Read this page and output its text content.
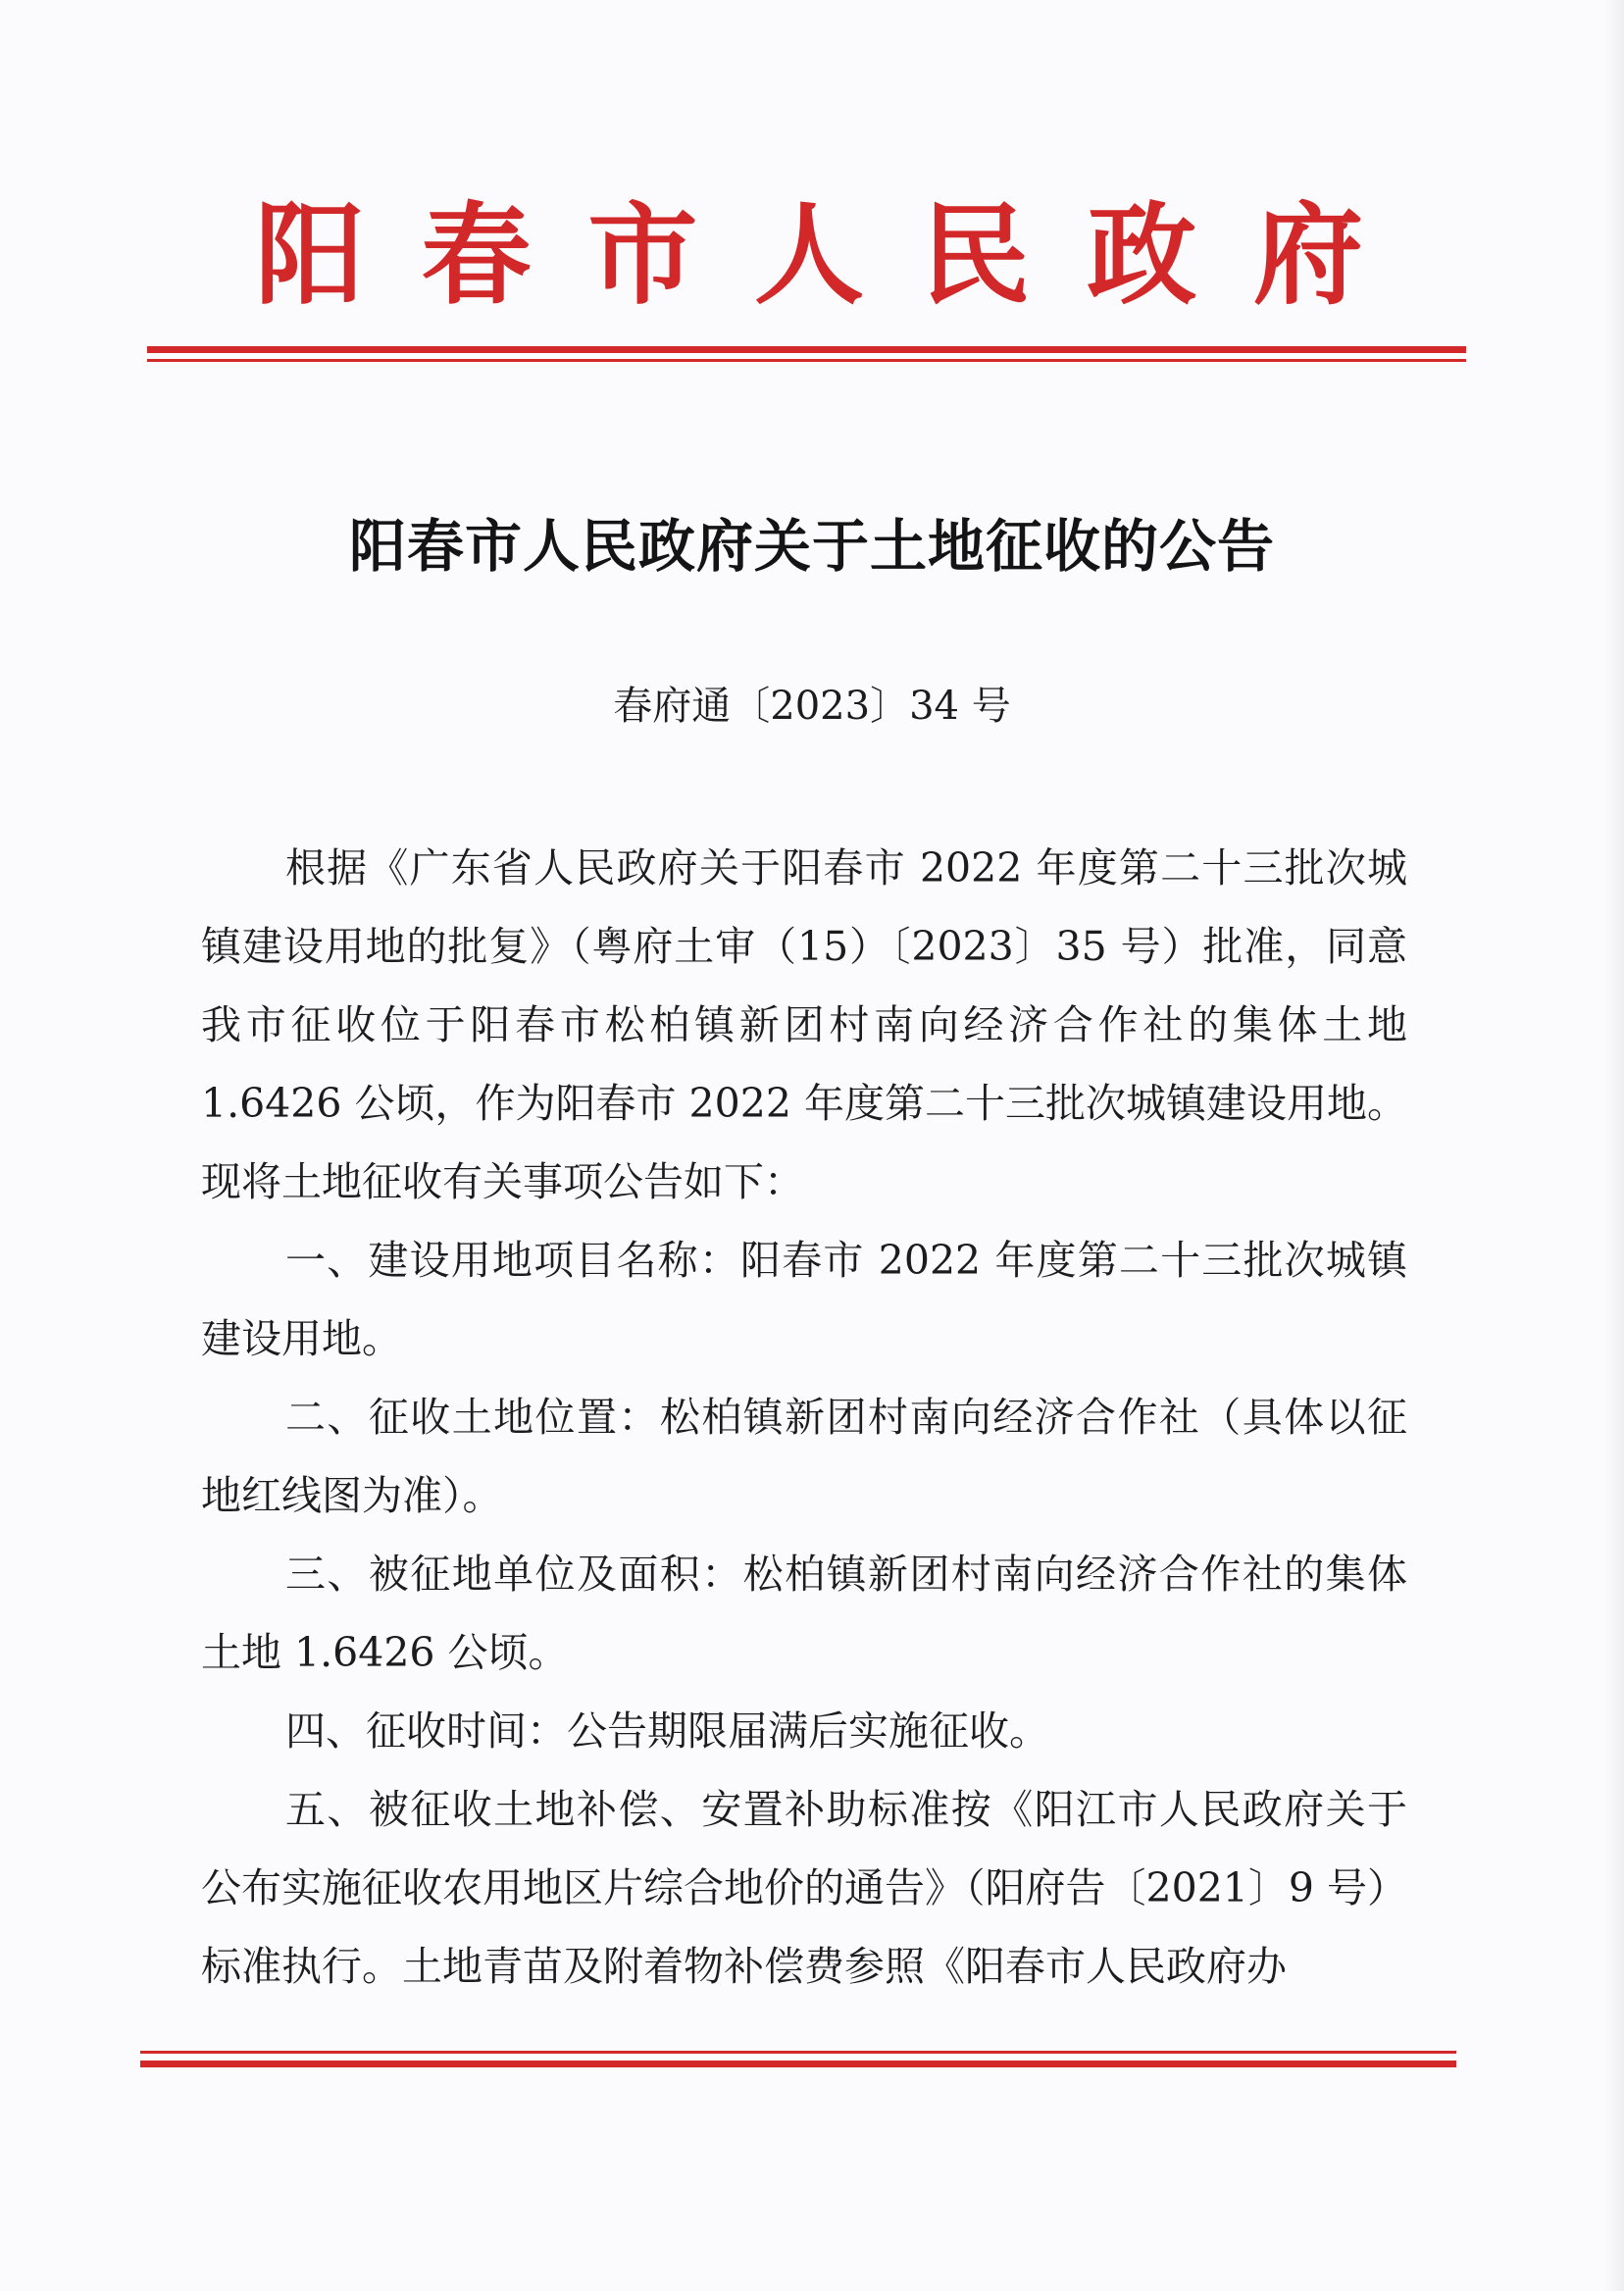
阳 春 市 人 民 政 府
阳春市人民政府关于土地征收的公告
春府通〔2023〕34 号

根据《广东省人民政府关于阳春市 2022 年度第二十三批次城镇建设用地的批复》（粤府土审（15）〔2023〕35 号）批准，同意我市征收位于阳春市松柏镇新团村南向经济合作社的集体土地 1.6426 公顷，作为阳春市 2022 年度第二十三批次城镇建设用地。现将土地征收有关事项公告如下：

一、建设用地项目名称：阳春市 2022 年度第二十三批次城镇建设用地。

二、征收土地位置：松柏镇新团村南向经济合作社（具体以征地红线图为准）。

三、被征地单位及面积：松柏镇新团村南向经济合作社的集体土地 1.6426 公顷。

四、征收时间：公告期限届满后实施征收。

五、被征收土地补偿、安置补助标准按《阳江市人民政府关于公布实施征收农用地区片综合地价的通告》（阳府告〔2021〕9 号）标准执行。土地青苗及附着物补偿费参照《阳春市人民政府办
